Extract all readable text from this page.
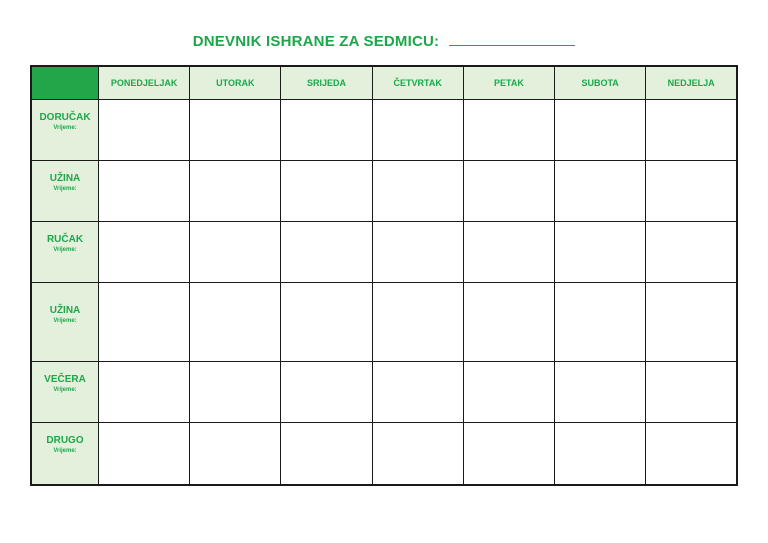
DNEVNIK ISHRANE ZA SEDMICU:
	PONEDJELJAK	UTORAK	SRIJEDA	ČETVRTAK	PETAK	SUBOTA	NEDJELJA

DORUČAK
Vrijeme:							

UŽINA
Vrijeme:							

RUČAK
Vrijeme:							

UŽINA
Vrijeme:							

VEČERA
Vrijeme:							

DRUGO
Vrijeme:							
